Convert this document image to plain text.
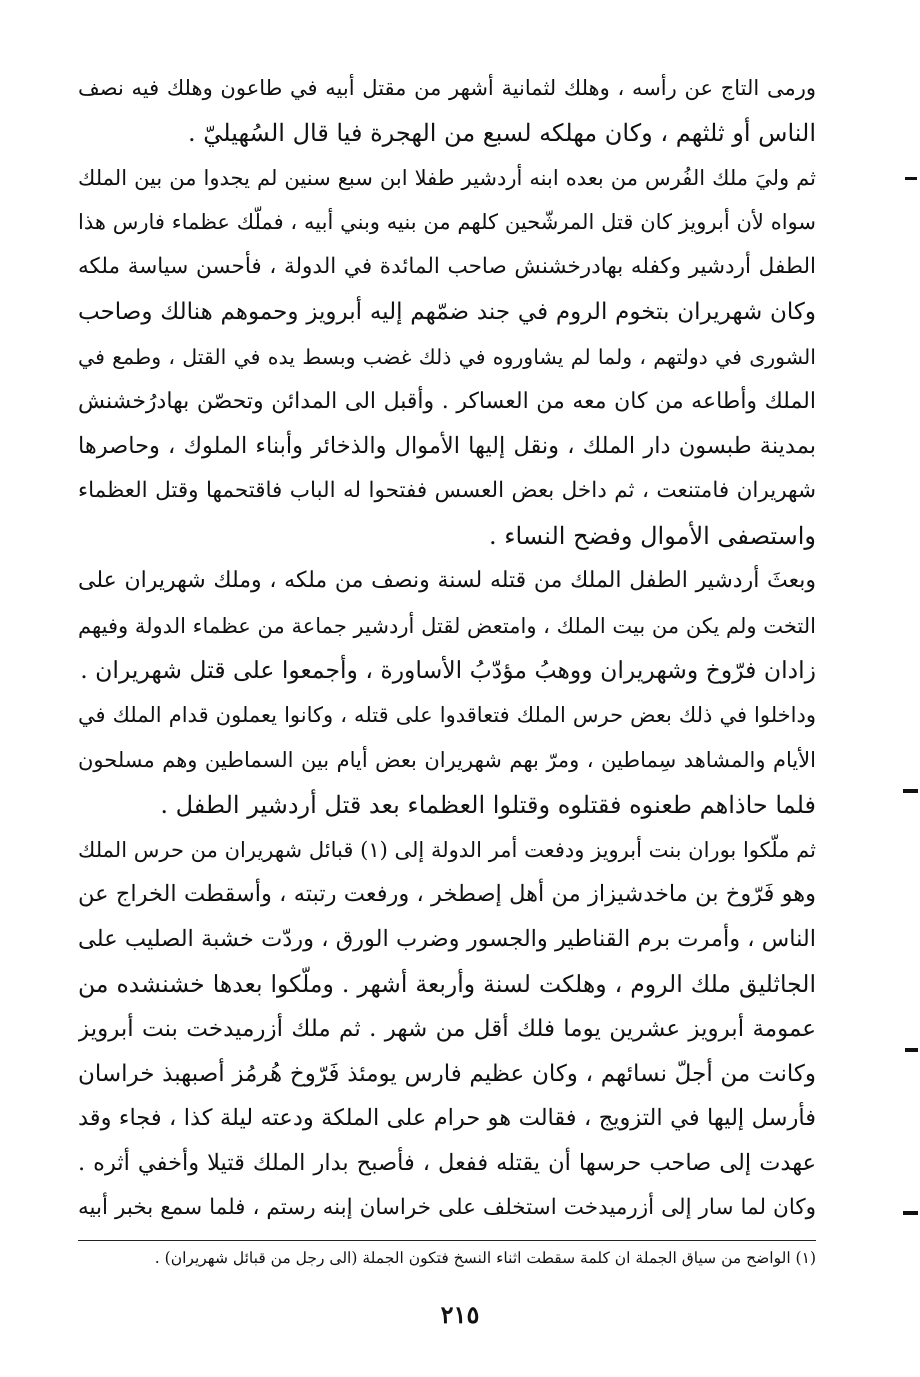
ورمى التاج عن رأسه ، وهلك لثمانية أشهر من مقتل أبيه في طاعون وهلك فيه نصف
الناس أو ثلثهم ، وكان مهلكه لسبع من الهجرة فيا قال السُهيليّ .
ثم وليَ ملك الفُرس من بعده ابنه أردشير طفلا ابن سبع سنين لم يجدوا من بين الملك
سواه لأن أبرويز كان قتل المرشّحين كلهم من بنيه وبني أبيه ، فملّك عظماء فارس هذا
الطفل أردشير وكفله بهادرخشنش صاحب المائدة في الدولة ، فأحسن سياسة ملكه
وكان شهريران بتخوم الروم في جند ضمّهم إليه أبرويز وحموهم هنالك وصاحب
الشورى في دولتهم ، ولما لم يشاوروه في ذلك غضب وبسط يده في القتل ، وطمع في
الملك وأطاعه من كان معه من العساكر . وأقبل الى المدائن وتحصّن بهادرُخشنش
بمدينة طبسون دار الملك ، ونقل إليها الأموال والذخائر وأبناء الملوك ، وحاصرها
شهريران فامتنعت ، ثم داخل بعض العسس ففتحوا له الباب فاقتحمها وقتل العظماء
واستصفى الأموال وفضح النساء .
وبعثَ أردشير الطفل الملك من قتله لسنة ونصف من ملكه ، وملك شهريران على
التخت ولم يكن من بيت الملك ، وامتعض لقتل أردشير جماعة من عظماء الدولة وفيهم
زادان فرّوخ وشهريران ووهبُ مؤدّبُ الأساورة ، وأجمعوا على قتل شهريران .
وداخلوا في ذلك بعض حرس الملك فتعاقدوا على قتله ، وكانوا يعملون قدام الملك في
الأيام والمشاهد سِماطين ، ومرّ بهم شهريران بعض أيام بين السماطين وهم مسلحون
فلما حاذاهم طعنوه فقتلوه وقتلوا العظماء بعد قتل أردشير الطفل .
ثم ملّكوا بوران بنت أبرويز ودفعت أمر الدولة إلى (١) قبائل شهريران من حرس الملك
وهو فَرّوخ بن ماخدشيزاز من أهل إصطخر ، ورفعت رتبته ، وأسقطت الخراج عن
الناس ، وأمرت برم القناطير والجسور وضرب الورق ، وردّت خشبة الصليب على
الجاثليق ملك الروم ، وهلكت لسنة وأربعة أشهر . وملّكوا بعدها خشنشده من
عمومة أبرويز عشرين يوما فلك أقل من شهر . ثم ملك أزرميدخت بنت أبرويز
وكانت من أجلّ نسائهم ، وكان عظيم فارس يومئذ فَرّوخ هُرمُز أصبهبذ خراسان
فأرسل إليها في التزويج ، فقالت هو حرام على الملكة ودعته ليلة كذا ، فجاء وقد
عهدت إلى صاحب حرسها أن يقتله ففعل ، فأصبح بدار الملك قتيلا وأخفي أثره .
وكان لما سار إلى أزرميدخت استخلف على خراسان إبنه رستم ، فلما سمع بخبر أبيه
(١) الواضح من سياق الجملة ان كلمة سقطت اثناء النسخ فتكون الجملة (الى رجل من قبائل شهريران) .
٢١٥
